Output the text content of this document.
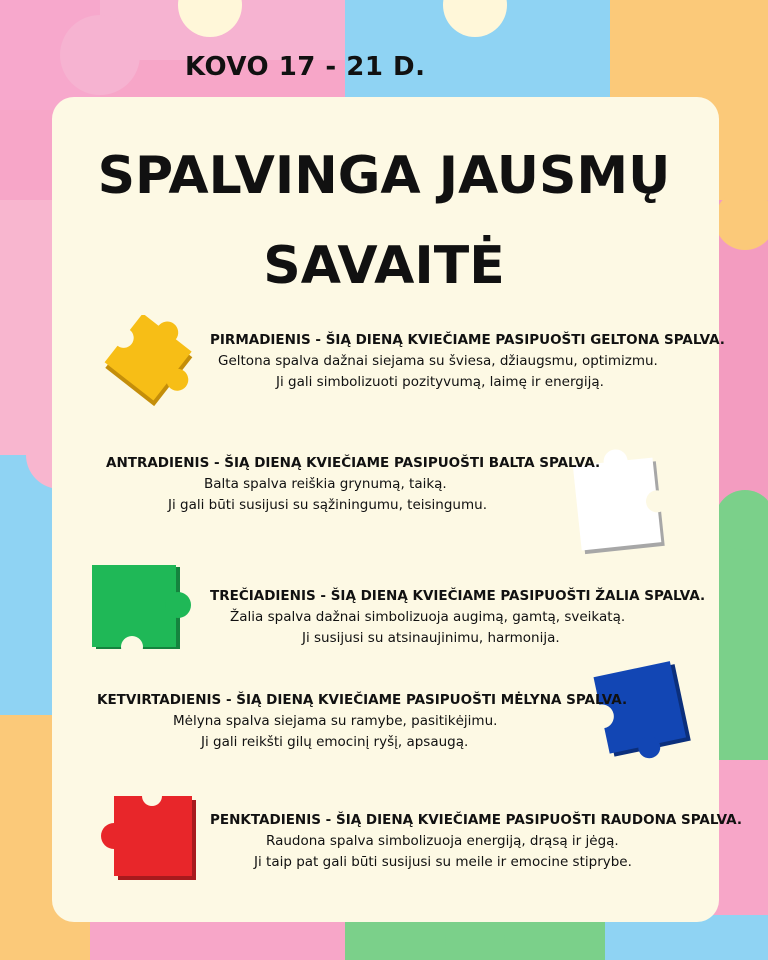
KOVO 17 - 21 D.
SPALVINGA JAUSMŲ
SAVAITĖ
PIRMADIENIS - ŠIĄ DIENĄ KVIEČIAME PASIPUOŠTI GELTONA SPALVA.
Geltona spalva dažnai siejama su šviesa, džiaugsmu, optimizmu.
Ji gali simbolizuoti pozityvumą, laimę ir energiją.
ANTRADIENIS - ŠIĄ DIENĄ KVIEČIAME PASIPUOŠTI BALTA SPALVA.
Balta spalva reiškia grynumą, taiką.
Ji gali būti susijusi su sąžiningumu, teisingumu.
TREČIADIENIS - ŠIĄ DIENĄ KVIEČIAME PASIPUOŠTI ŽALIA SPALVA.
Žalia spalva dažnai simbolizuoja augimą, gamtą, sveikatą.
Ji susijusi su atsinaujinimu, harmonija.
KETVIRTADIENIS - ŠIĄ DIENĄ KVIEČIAME PASIPUOŠTI MĖLYNA SPALVA.
Mėlyna spalva siejama su ramybe, pasitikėjimu.
Ji gali reikšti gilų emocinį ryšį, apsaugą.
PENKTADIENIS - ŠIĄ DIENĄ KVIEČIAME PASIPUOŠTI RAUDONA SPALVA.
Raudona spalva simbolizuoja energiją, drąsą ir jėgą.
Ji taip pat gali būti susijusi su meile ir emocine stiprybe.
